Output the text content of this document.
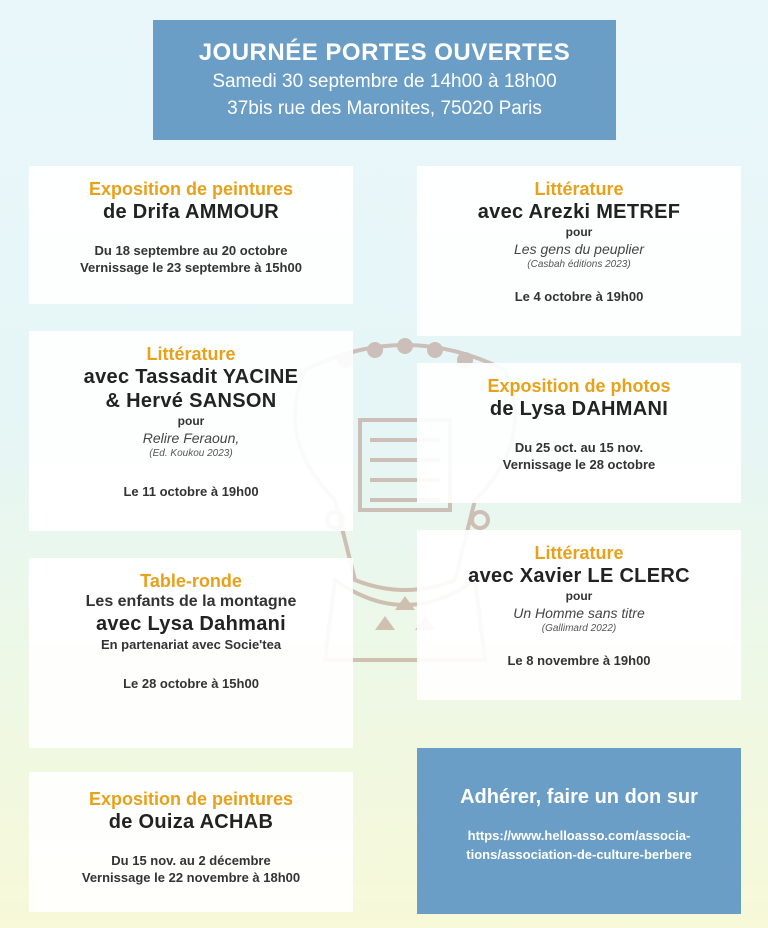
JOURNÉE PORTES OUVERTES
Samedi 30 septembre de 14h00 à 18h00
37bis rue des Maronites, 75020 Paris
Exposition de peintures
de Drifa AMMOUR
Du 18 septembre au 20 octobre
Vernissage le 23 septembre à 15h00
Littérature
avec Arezki METREF
pour
Les gens du peuplier
(Casbah éditions 2023)
Le 4 octobre à 19h00
Littérature
avec Tassadit YACINE
& Hervé SANSON
pour
Relire Feraoun,
(Ed. Koukou 2023)
Le 11 octobre à 19h00
Exposition de photos
de Lysa DAHMANI
Du 25 oct. au 15 nov.
Vernissage le 28 octobre
Table-ronde
Les enfants de la montagne
avec Lysa Dahmani
En partenariat avec Socie'tea
Le 28 octobre à 15h00
Littérature
avec Xavier LE CLERC
pour
Un Homme sans titre
(Gallimard 2022)
Le 8 novembre à 19h00
Exposition de peintures
de Ouiza ACHAB
Du 15 nov. au 2 décembre
Vernissage le 22 novembre à 18h00
Adhérer, faire un don sur
https://www.helloasso.com/associa-
tions/association-de-culture-berbere
